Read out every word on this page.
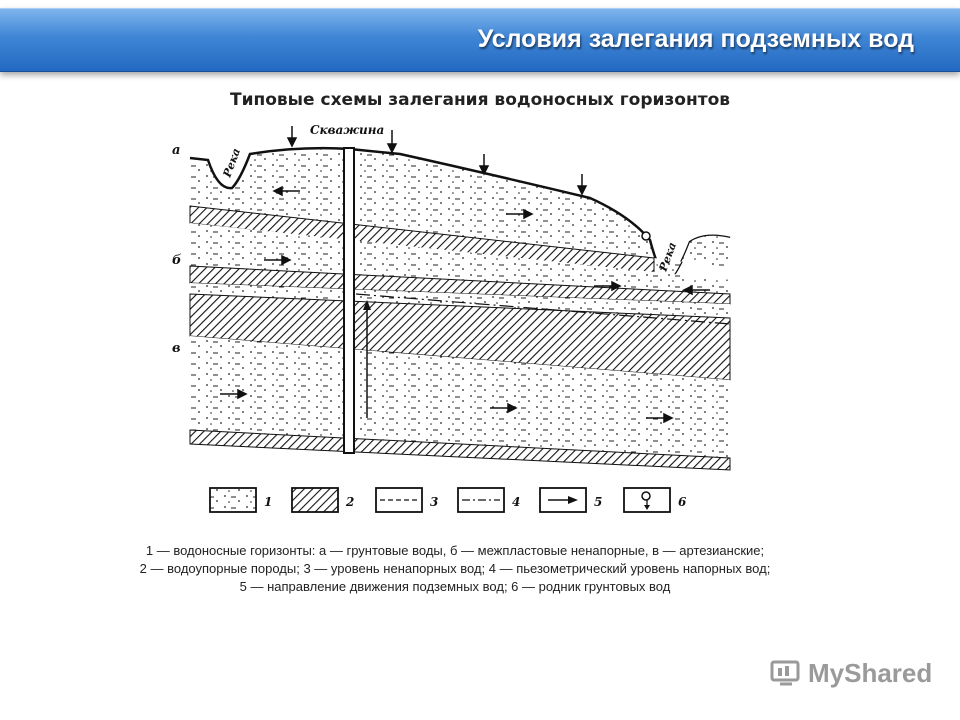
Условия залегания подземных вод
Типовые схемы залегания водоносных горизонтов
Скважина
Река
Река
а
б
в
1	2	3	4	5	6
1 — водоносные горизонты: а — грунтовые воды, б — межпластовые ненапорные, в — артезианские;
2 — водоупорные породы; 3 — уровень ненапорных вод; 4 — пьезометрический уровень напорных вод;
5 — направление движения подземных вод; 6 — родник грунтовых вод
MyShared
